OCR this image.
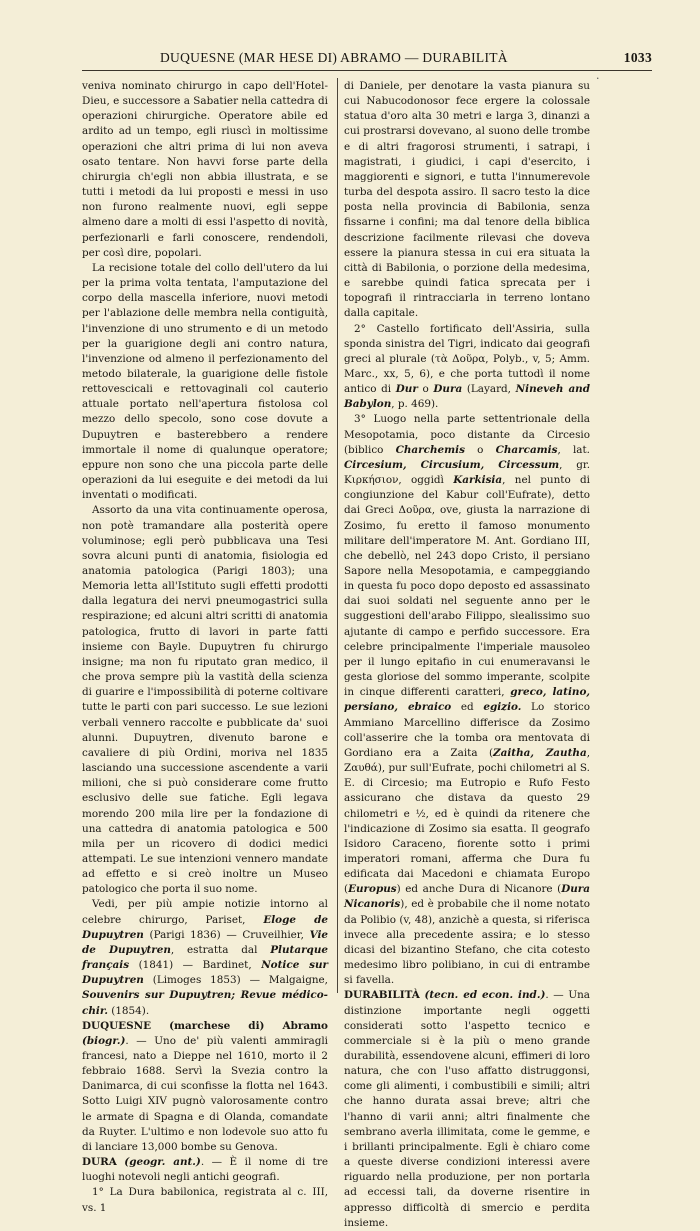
DUQUESNE (MAR HESE DI) ABRAMO — DURABILITÀ	1033
·

veniva nominato chirurgo in capo dell'Hotel-Dieu, e successore a Sabatier nella cattedra di operazioni chirurgiche. Operatore abile ed ardito ad un tempo, egli riuscì in moltissime operazioni che altri prima di lui non aveva osato tentare. Non havvi forse parte della chirurgia ch'egli non abbia illustrata, e se tutti i metodi da lui proposti e messi in uso non furono realmente nuovi, egli seppe almeno dare a molti di essi l'aspetto di novità, perfezionarli e farli conoscere, rendendoli, per così dire, popolari.

La recisione totale del collo dell'utero da lui per la prima volta tentata, l'amputazione del corpo della mascella inferiore, nuovi metodi per l'ablazione delle membra nella contiguità, l'invenzione di uno strumento e di un metodo per la guarigione degli ani contro natura, l'invenzione od almeno il perfezionamento del metodo bilaterale, la guarigione delle fistole rettovescicali e rettovaginali col cauterio attuale portato nell'apertura fistolosa col mezzo dello specolo, sono cose dovute a Dupuytren e basterebbero a rendere immortale il nome di qualunque operatore; eppure non sono che una piccola parte delle operazioni da lui eseguite e dei metodi da lui inventati o modificati.

Assorto da una vita continuamente operosa, non potè tramandare alla posterità opere voluminose; egli però pubblicava una Tesi sovra alcuni punti di anatomia, fisiologia ed anatomia patologica (Parigi 1803); una Memoria letta all'Istituto sugli effetti prodotti dalla legatura dei nervi pneumogastrici sulla respirazione; ed alcuni altri scritti di anatomia patologica, frutto di lavori in parte fatti insieme con Bayle. Dupuytren fu chirurgo insigne; ma non fu riputato gran medico, il che prova sempre più la vastità della scienza di guarire e l'impossibilità di poterne coltivare tutte le parti con pari successo. Le sue lezioni verbali vennero raccolte e pubblicate da' suoi alunni. Dupuytren, divenuto barone e cavaliere di più Ordini, moriva nel 1835 lasciando una successione ascendente a varii milioni, che si può considerare come frutto esclusivo delle sue fatiche. Egli legava morendo 200 mila lire per la fondazione di una cattedra di anatomia patologica e 500 mila per un ricovero di dodici medici attempati. Le sue intenzioni vennero mandate ad effetto e si creò inoltre un Museo patologico che porta il suo nome.

Vedi, per più ampie notizie intorno al celebre chirurgo, Pariset, Eloge de Dupuytren (Parigi 1836) — Cruveilhier, Vie de Dupuytren, estratta dal Plutarque français (1841) — Bardinet, Notice sur Dupuytren (Limoges 1853) — Malgaigne, Souvenirs sur Dupuytren; Revue médico-chir. (1854).

DUQUESNE (marchese di) Abramo (biogr.). — Uno de' più valenti ammiragli francesi, nato a Dieppe nel 1610, morto il 2 febbraio 1688. Servì la Svezia contro la Danimarca, di cui sconfisse la flotta nel 1643. Sotto Luigi XIV pugnò valorosamente contro le armate di Spagna e di Olanda, comandate da Ruyter. L'ultimo e non lodevole suo atto fu di lanciare 13,000 bombe su Genova.

DURA (geogr. ant.). — È il nome di tre luoghi notevoli negli antichi geografi.

1° La Dura babilonica, registrata al c. III, vs. 1

di Daniele, per denotare la vasta pianura su cui Nabucodonosor fece ergere la colossale statua d'oro alta 30 metri e larga 3, dinanzi a cui prostrarsi dovevano, al suono delle trombe e di altri fragorosi strumenti, i satrapi, i magistrati, i giudici, i capi d'esercito, i maggiorenti e signori, e tutta l'innumerevole turba del despota assiro. Il sacro testo la dice posta nella provincia di Babilonia, senza fissarne i confini; ma dal tenore della biblica descrizione facilmente rilevasi che doveva essere la pianura stessa in cui era situata la città di Babilonia, o porzione della medesima, e sarebbe quindi fatica sprecata per i topografi il rintracciarla in terreno lontano dalla capitale.

2° Castello fortificato dell'Assiria, sulla sponda sinistra del Tigri, indicato dai geografi greci al plurale (τὰ Δοῦρα, Polyb., v, 5; Amm. Marc., xx, 5, 6), e che porta tuttodì il nome antico di Dur o Dura (Layard, Nineveh and Babylon, p. 469).

3° Luogo nella parte settentrionale della Mesopotamia, poco distante da Circesio (biblico Charchemis o Charcamis, lat. Circesium, Circusium, Circessum, gr. Κιρκήσιον, oggidì Karkisia, nel punto di congiunzione del Kabur coll'Eufrate), detto dai Greci Δοῦρα, ove, giusta la narrazione di Zosimo, fu eretto il famoso monumento militare dell'imperatore M. Ant. Gordiano III, che debellò, nel 243 dopo Cristo, il persiano Sapore nella Mesopotamia, e campeggiando in questa fu poco dopo deposto ed assassinato dai suoi soldati nel seguente anno per le suggestioni dell'arabo Filippo, slealissimo suo ajutante di campo e perfido successore. Era celebre principalmente l'imperiale mausoleo per il lungo epitafio in cui enumeravansi le gesta gloriose del sommo imperante, scolpite in cinque differenti caratteri, greco, latino, persiano, ebraico ed egizio. Lo storico Ammiano Marcellino differisce da Zosimo coll'asserire che la tomba ora mentovata di Gordiano era a Zaita (Zaitha, Zautha, Ζαυθά), pur sull'Eufrate, pochi chilometri al S. E. di Circesio; ma Eutropio e Rufo Festo assicurano che distava da questo 29 chilometri e ½, ed è quindi da ritenere che l'indicazione di Zosimo sia esatta. Il geografo Isidoro Caraceno, fiorente sotto i primi imperatori romani, afferma che Dura fu edificata dai Macedoni e chiamata Europo (Europus) ed anche Dura di Nicanore (Dura Nicanoris), ed è probabile che il nome notato da Polibio (v, 48), anzichè a questa, si riferisca invece alla precedente assira; e lo stesso dicasi del bizantino Stefano, che cita cotesto medesimo libro polibiano, in cui di entrambe si favella.

DURABILITÀ (tecn. ed econ. ind.). — Una distinzione importante negli oggetti considerati sotto l'aspetto tecnico e commerciale si è la più o meno grande durabilità, essendovene alcuni, effimeri di loro natura, che con l'uso affatto distruggonsi, come gli alimenti, i combustibili e simili; altri che hanno durata assai breve; altri che l'hanno di varii anni; altri finalmente che sembrano averla illimitata, come le gemme, e i brillanti principalmente. Egli è chiaro come a queste diverse condizioni interessi avere riguardo nella produzione, per non portarla ad eccessi tali, da doverne risentire in appresso difficoltà di smercio e perdita insieme.
